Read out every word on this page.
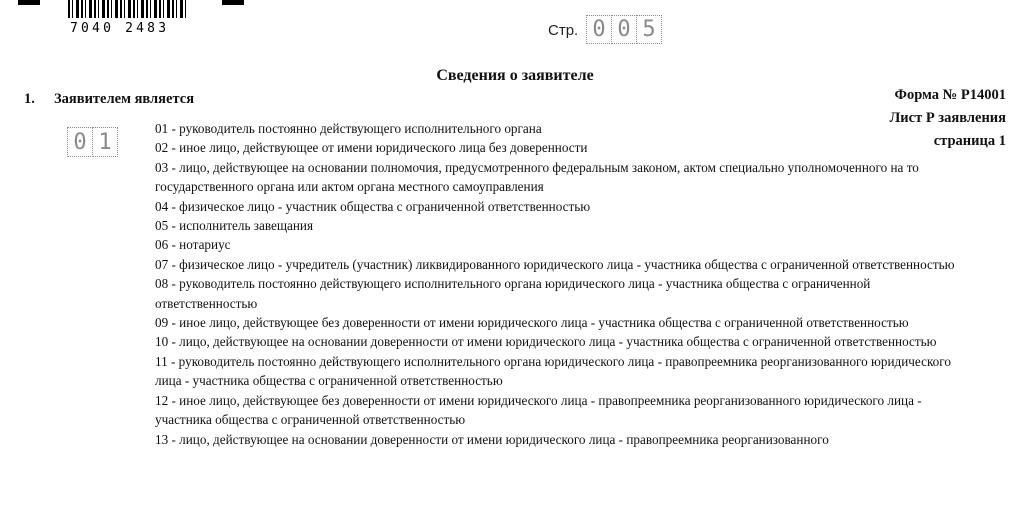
7040 2483	Стр. 0 0 5
Сведения о заявителе
Форма № Р14001
Лист Р заявления
страница 1
1. Заявителем является
0 1

01 - руководитель постоянно действующего исполнительного органа

02 - иное лицо, действующее от имени юридического лица без доверенности

03 - лицо, действующее на основании полномочия, предусмотренного федеральным законом, актом специально уполномоченного на то государственного органа или актом органа местного самоуправления

04 - физическое лицо - участник общества с ограниченной ответственностью

05 - исполнитель завещания

06 - нотариус

07 - физическое лицо - учредитель (участник) ликвидированного юридического лица - участника общества с ограниченной ответственностью

08 - руководитель постоянно действующего исполнительного органа юридического лица - участника общества с ограниченной ответственностью

09 - иное лицо, действующее без доверенности от имени юридического лица - участника общества с ограниченной ответственностью

10 - лицо, действующее на основании доверенности от имени юридического лица - участника общества с ограниченной ответственностью

11 - руководитель постоянно действующего исполнительного органа юридического лица - правопреемника реорганизованного юридического лица - участника общества с ограниченной ответственностью

12 - иное лицо, действующее без доверенности от имени юридического лица - правопреемника реорганизованного юридического лица - участника общества с ограниченной ответственностью

13 - лицо, действующее на основании доверенности от имени юридического лица - правопреемника реорганизованного
